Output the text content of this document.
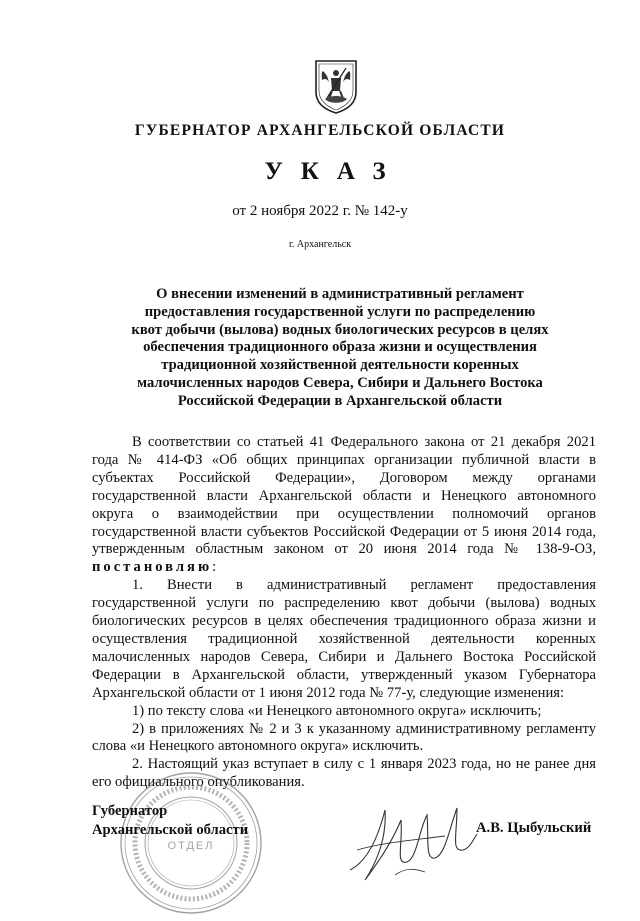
ГУБЕРНАТОР АРХАНГЕЛЬСКОЙ ОБЛАСТИ
УКАЗ
от 2 ноября 2022 г. № 142-у
г. Архангельск
О внесении изменений в административный регламент
предоставления государственной услуги по распределению
квот добычи (вылова) водных биологических ресурсов в целях
обеспечения традиционного образа жизни и осуществления
традиционной хозяйственной деятельности коренных
малочисленных народов Севера, Сибири и Дальнего Востока
Российской Федерации в Архангельской области

В соответствии со статьей 41 Федерального закона от 21 декабря 2021 года № 414-ФЗ «Об общих принципах организации публичной власти в субъектах Российской Федерации», Договором между органами государственной власти Архангельской области и Ненецкого автономного округа о взаимодействии при осуществлении полномочий органов государственной власти субъектов Российской Федерации от 5 июня 2014 года, утвержденным областным законом от 20 июня 2014 года № 138-9-ОЗ, постановляю:

1. Внести в административный регламент предоставления государственной услуги по распределению квот добычи (вылова) водных биологических ресурсов в целях обеспечения традиционного образа жизни и осуществления традиционной хозяйственной деятельности коренных малочисленных народов Севера, Сибири и Дальнего Востока Российской Федерации в Архангельской области, утвержденный указом Губернатора Архангельской области от 1 июня 2012 года № 77-у, следующие изменения:

1) по тексту слова «и Ненецкого автономного округа» исключить;

2) в приложениях № 2 и 3 к указанному административному регламенту слова «и Ненецкого автономного округа» исключить.

2. Настоящий указ вступает в силу с 1 января 2023 года, но не ранее дня его официального опубликования.

ОТДЕЛ
Губернатор
Архангельской области	А.В. Цыбульский
